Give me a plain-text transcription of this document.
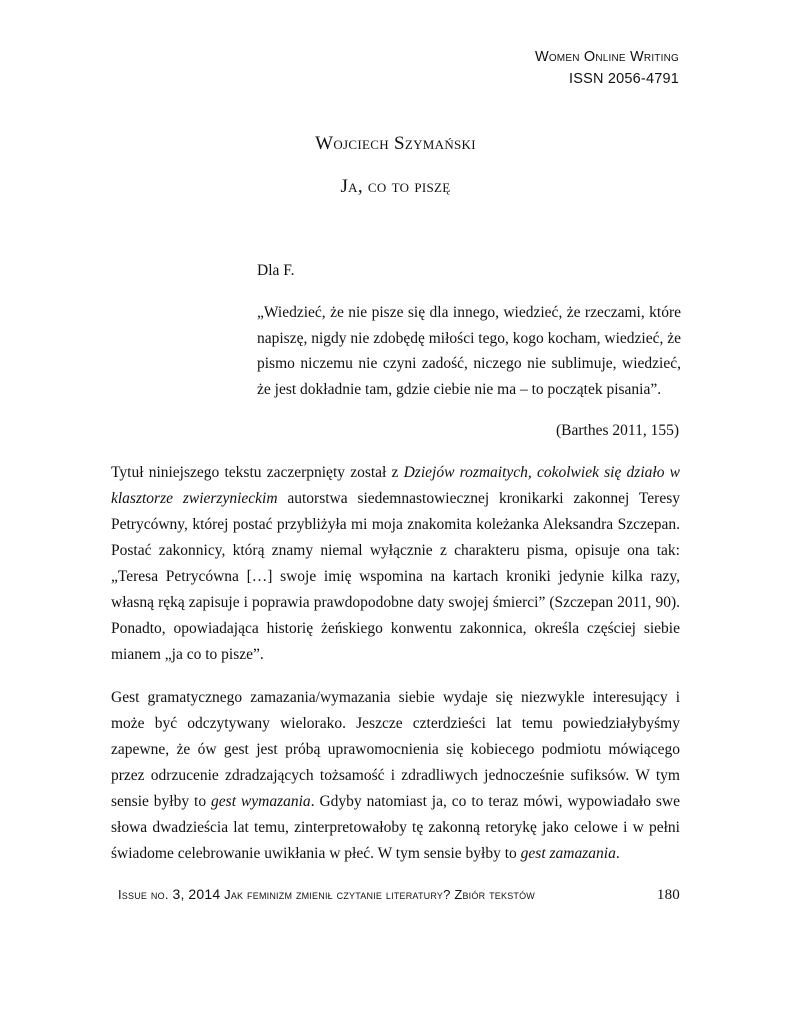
Women Online Writing
ISSN 2056-4791
Wojciech Szymański
Ja, co to piszę
Dla F.

„Wiedzieć, że nie pisze się dla innego, wiedzieć, że rzeczami, które napiszę, nigdy nie zdobędę miłości tego, kogo kocham, wiedzieć, że pismo niczemu nie czyni zadość, niczego nie sublimuje, wiedzieć, że jest dokładnie tam, gdzie ciebie nie ma – to początek pisania”.

(Barthes 2011, 155)

Tytuł niniejszego tekstu zaczerpnięty został z Dziejów rozmaitych, cokolwiek się działo w klasztorze zwierzynieckim autorstwa siedemnastowiecznej kronikarki zakonnej Teresy Petrycówny, której postać przybliżyła mi moja znakomita koleżanka Aleksandra Szczepan. Postać zakonnicy, którą znamy niemal wyłącznie z charakteru pisma, opisuje ona tak: „Teresa Petrycówna […] swoje imię wspomina na kartach kroniki jedynie kilka razy, własną ręką zapisuje i poprawia prawdopodobne daty swojej śmierci” (Szczepan 2011, 90). Ponadto, opowiadająca historię żeńskiego konwentu zakonnica, określa częściej siebie mianem „ja co to pisze”.

Gest gramatycznego zamazania/wymazania siebie wydaje się niezwykle interesujący i może być odczytywany wielorako. Jeszcze czterdzieści lat temu powiedziałybyśmy zapewne, że ów gest jest próbą uprawomocnienia się kobiecego podmiotu mówiącego przez odrzucenie zdradzających tożsamość i zdradliwych jednocześnie sufiksów. W tym sensie byłby to gest wymazania. Gdyby natomiast ja, co to teraz mówi, wypowiadało swe słowa dwadzieścia lat temu, zinterpretowałoby tę zakonną retorykę jako celowe i w pełni świadome celebrowanie uwikłania w płeć. W tym sensie byłby to gest zamazania.

Issue no. 3, 2014 Jak feminizm zmienił czytanie literatury? Zbiór tekstów	180
